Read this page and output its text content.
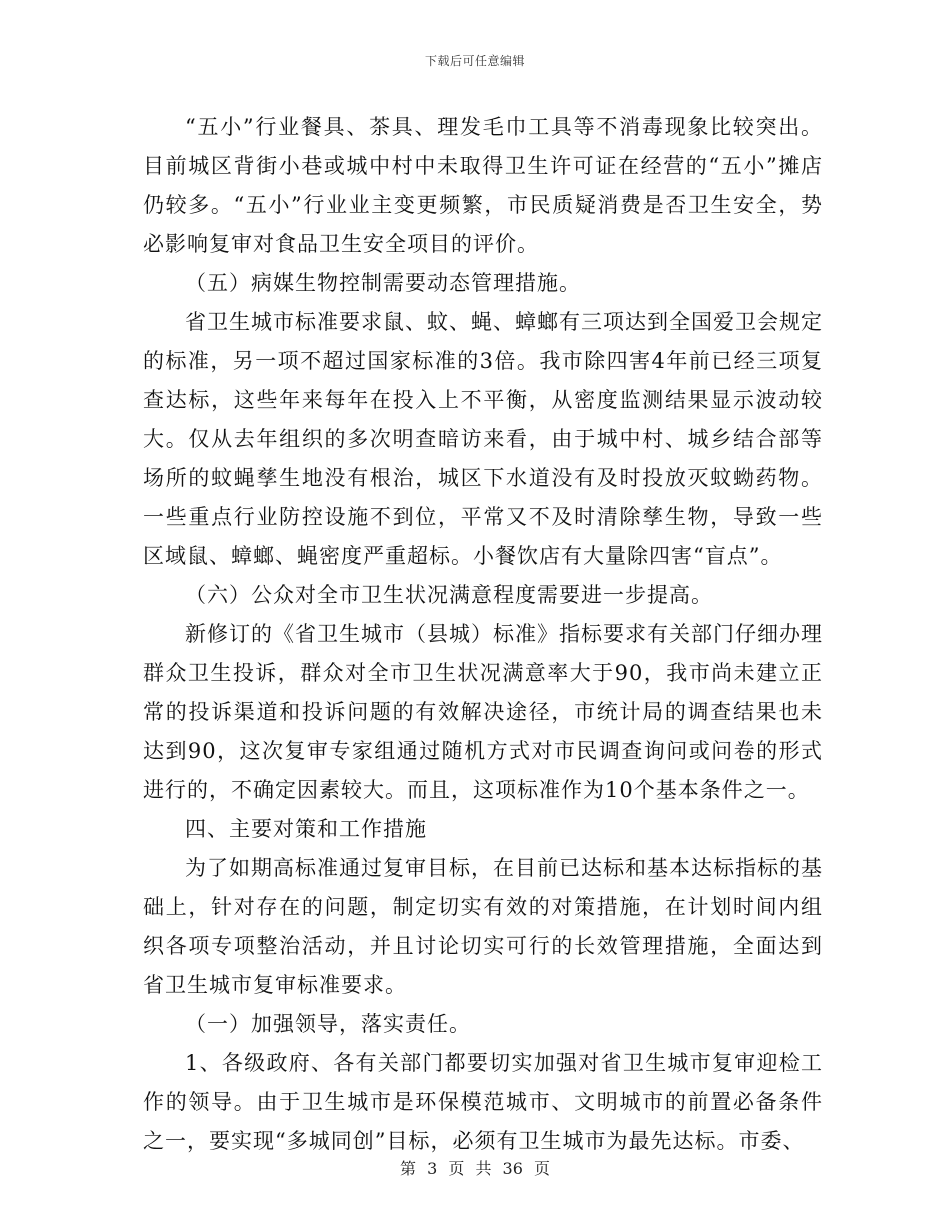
下载后可任意编辑

“五小”行业餐具、茶具、理发毛巾工具等不消毒现象比较突出。目前城区背街小巷或城中村中未取得卫生许可证在经营的“五小”摊店仍较多。“五小”行业业主变更频繁，市民质疑消费是否卫生安全，势必影响复审对食品卫生安全项目的评价。

（五）病媒生物控制需要动态管理措施。

省卫生城市标准要求鼠、蚊、蝇、蟑螂有三项达到全国爱卫会规定的标准，另一项不超过国家标准的3倍。我市除四害4年前已经三项复查达标，这些年来每年在投入上不平衡，从密度监测结果显示波动较大。仅从去年组织的多次明查暗访来看，由于城中村、城乡结合部等场所的蚊蝇孳生地没有根治，城区下水道没有及时投放灭蚊蚴药物。一些重点行业防控设施不到位，平常又不及时清除孳生物，导致一些区域鼠、蟑螂、蝇密度严重超标。小餐饮店有大量除四害“盲点”。

（六）公众对全市卫生状况满意程度需要进一步提高。

新修订的《省卫生城市（县城）标准》指标要求有关部门仔细办理群众卫生投诉，群众对全市卫生状况满意率大于90，我市尚未建立正常的投诉渠道和投诉问题的有效解决途径，市统计局的调查结果也未达到90，这次复审专家组通过随机方式对市民调查询问或问卷的形式进行的，不确定因素较大。而且，这项标准作为10个基本条件之一。

四、主要对策和工作措施

为了如期高标准通过复审目标，在目前已达标和基本达标指标的基础上，针对存在的问题，制定切实有效的对策措施，在计划时间内组织各项专项整治活动，并且讨论切实可行的长效管理措施，全面达到省卫生城市复审标准要求。

（一）加强领导，落实责任。

1、各级政府、各有关部门都要切实加强对省卫生城市复审迎检工作的领导。由于卫生城市是环保模范城市、文明城市的前置必备条件之一，要实现“多城同创”目标，必须有卫生城市为最先达标。市委、

第 3 页 共 36 页
